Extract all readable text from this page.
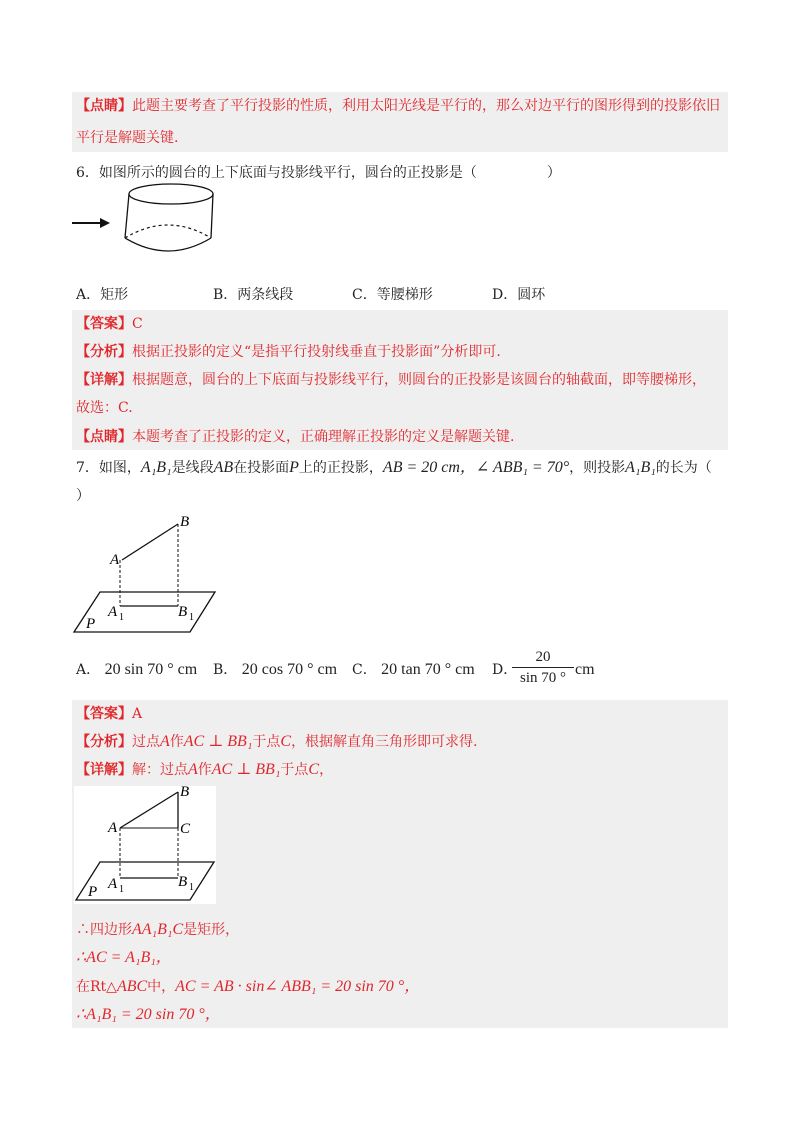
【点睛】此题主要考查了平行投影的性质，利用太阳光线是平行的，那么对边平行的图形得到的投影依旧
平行是解题关键.
6．如图所示的圆台的上下底面与投影线平行，圆台的正投影是（　　　　　）
A．矩形	B．两条线段	C．等腰梯形	D．圆环
【答案】C
【分析】根据正投影的定义“是指平行投射线垂直于投影面”分析即可.
【详解】根据题意，圆台的上下底面与投影线平行，则圆台的正投影是该圆台的轴截面，即等腰梯形，
故选：C.
【点睛】本题考查了正投影的定义，正确理解正投影的定义是解题关键.
7．如图，A₁B₁是线段AB在投影面P上的正投影，AB = 20 cm，∠ ABB₁ = 70°，则投影A₁B₁的长为（
）
A
B
A 1	B 1
P
A． 20 sin 70 ° cm B． 20 cos 70 ° cm C． 20 tan 70 ° cm D．
$\frac{20}{\sin 70 ^\circ}$ cm
【答案】A
【分析】过点A作AC ⊥ BB₁于点C，根据解直角三角形即可求得.
【详解】解：过点A作AC ⊥ BB₁于点C，
A
B
C
A 1	B 1
P
∴四边形AA₁B₁C是矩形，
∴AC = A₁B₁，
在Rt△ABC中，AC = AB · sin∠ ABB₁ = 20 sin 70 °，
∴A₁B₁ = 20 sin 70 °，
